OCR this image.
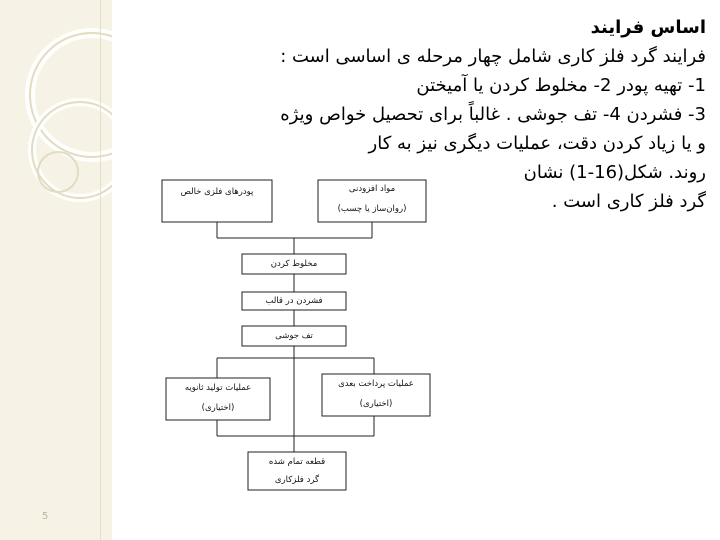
5
اساس فرایند
فرایند گرد فلز کاری شامل چهار مرحله ی اساسی است :
1- تهیه پودر 2- مخلوط کردن یا آمیختن
3- فشردن 4- تف جوشی . غالباً برای تحصیل خواص ویژه
و یا زیاد کردن دقت، عملیات دیگری نیز به کار
روند. شکل(16-1) نشان
گرد فلز کاری است .
پودرهای فلزی خالص	مواد افزودنی
(روان‌ساز یا چسب)
مخلوط کردن
فشردن در قالب
تف جوشی
عملیات تولید ثانویه
(اختیاری)
عملیات پرداخت بعدی
(اختیاری)
قطعه تمام شده
گرد فلزکاری
